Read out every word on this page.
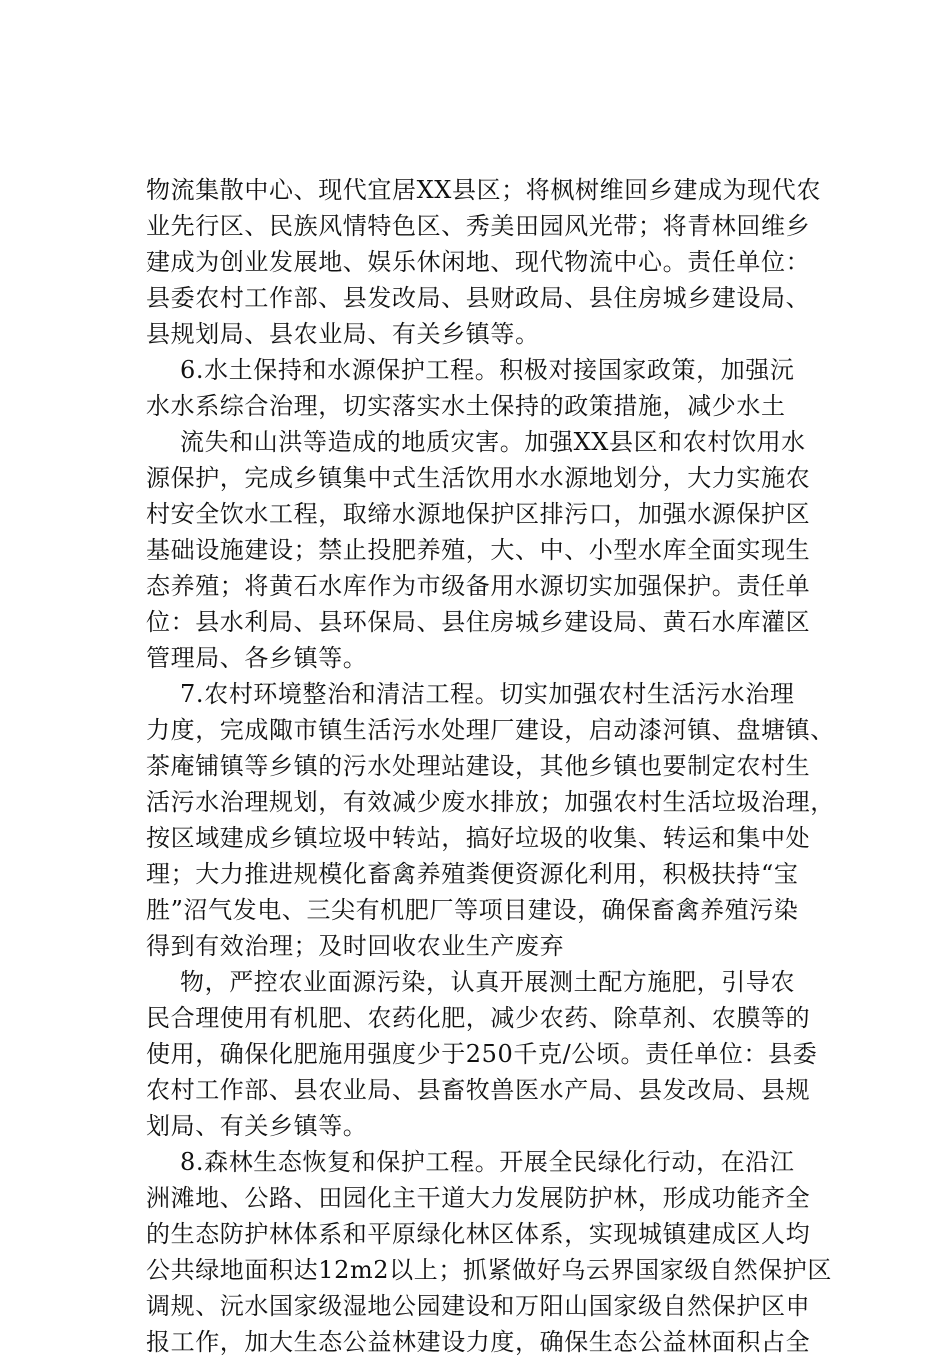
物流集散中心、现代宜居XX县区；将枫树维回乡建成为现代农
业先行区、民族风情特色区、秀美田园风光带；将青林回维乡
建成为创业发展地、娱乐休闲地、现代物流中心。责任单位：
县委农村工作部、县发改局、县财政局、县住房城乡建设局、
县规划局、县农业局、有关乡镇等。
6.水土保持和水源保护工程。积极对接国家政策，加强沅
水水系综合治理，切实落实水土保持的政策措施，减少水土
流失和山洪等造成的地质灾害。加强XX县区和农村饮用水
源保护，完成乡镇集中式生活饮用水水源地划分，大力实施农
村安全饮水工程，取缔水源地保护区排污口，加强水源保护区
基础设施建设；禁止投肥养殖，大、中、小型水库全面实现生
态养殖；将黄石水库作为市级备用水源切实加强保护。责任单
位：县水利局、县环保局、县住房城乡建设局、黄石水库灌区
管理局、各乡镇等。
7.农村环境整治和清洁工程。切实加强农村生活污水治理
力度，完成陬市镇生活污水处理厂建设，启动漆河镇、盘塘镇、
茶庵铺镇等乡镇的污水处理站建设，其他乡镇也要制定农村生
活污水治理规划，有效减少废水排放；加强农村生活垃圾治理，
按区域建成乡镇垃圾中转站，搞好垃圾的收集、转运和集中处
理；大力推进规模化畜禽养殖粪便资源化利用，积极扶持“宝
胜”沼气发电、三尖有机肥厂等项目建设，确保畜禽养殖污染
得到有效治理；及时回收农业生产废弃
物，严控农业面源污染，认真开展测土配方施肥，引导农
民合理使用有机肥、农药化肥，减少农药、除草剂、农膜等的
使用，确保化肥施用强度少于250千克/公顷。责任单位：县委
农村工作部、县农业局、县畜牧兽医水产局、县发改局、县规
划局、有关乡镇等。
8.森林生态恢复和保护工程。开展全民绿化行动，在沿江
洲滩地、公路、田园化主干道大力发展防护林，形成功能齐全
的生态防护林体系和平原绿化林区体系，实现城镇建成区人均
公共绿地面积达12m2以上；抓紧做好乌云界国家级自然保护区
调规、沅水国家级湿地公园建设和万阳山国家级自然保护区申
报工作，加大生态公益林建设力度，确保生态公益林面积占全
